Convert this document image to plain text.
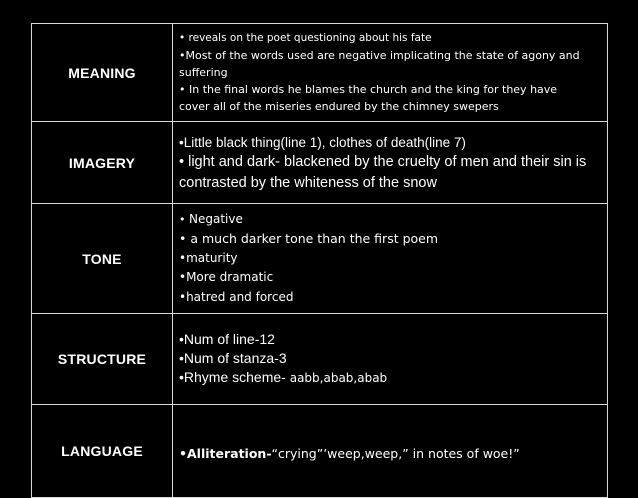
MEANING	• reveals on the poet questioning about his fate
•Most of the words used are negative implicating the state of agony and
suffering
• In the final words he blames the church and the king for they have
cover all of the miseries endured by the chimney swepers

IMAGERY	•Little black thing(line 1), clothes of death(line 7)
• light and dark- blackened by the cruelty of men and their sin is contrasted by the whiteness of the snow

TONE	• Negative
• a much darker tone than the first poem
•maturity
•More dramatic
•hatred and forced

STRUCTURE	•Num of line-12
•Num of stanza-3
•Rhyme scheme- aabb,abab,abab

LANGUAGE	•Alliteration-“crying”’weep,weep,” in notes of woe!”
